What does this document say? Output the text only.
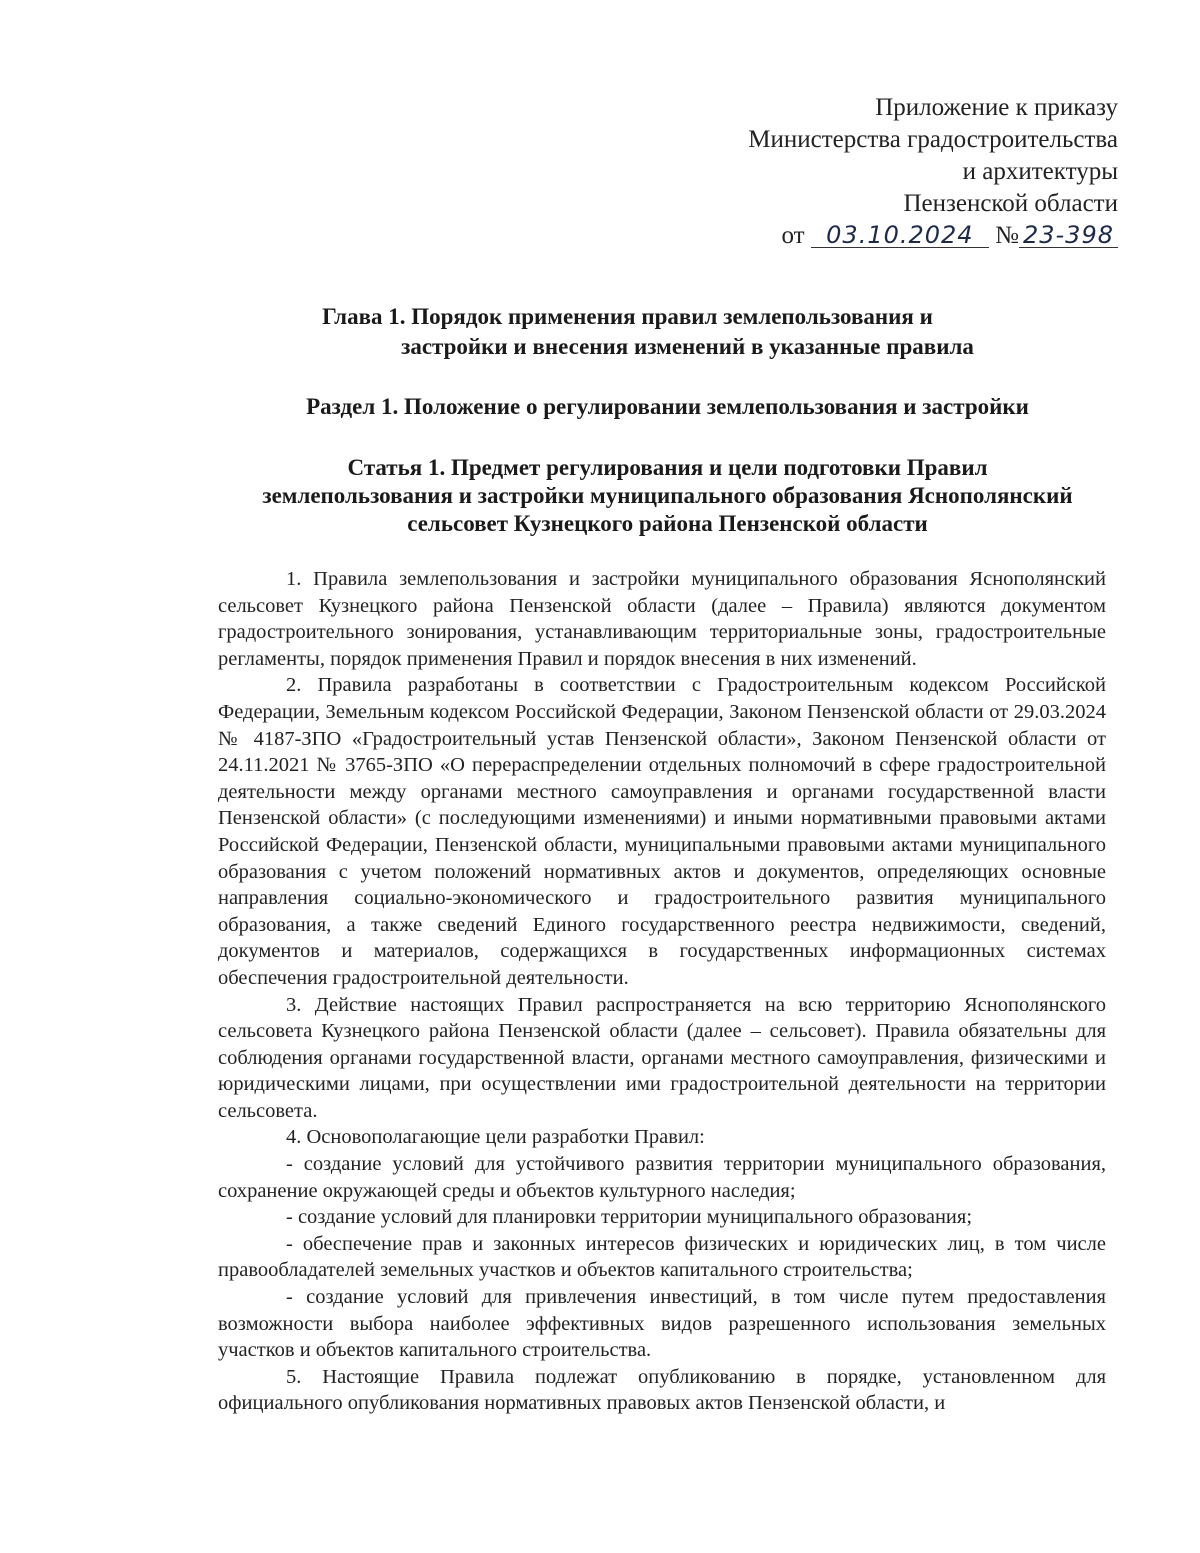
Приложение к приказу
Министерства градостроительства
и архитектуры
Пензенской области
от 03.10.2024 № 23-398
Глава 1. Порядок применения правил землепользования и
застройки и внесения изменений в указанные правила
Раздел 1. Положение о регулировании землепользования и застройки
Статья 1. Предмет регулирования и цели подготовки Правил
землепользования и застройки муниципального образования Яснополянский
сельсовет Кузнецкого района Пензенской области

1. Правила землепользования и застройки муниципального образования Яснополянский сельсовет Кузнецкого района Пензенской области (далее – Правила) являются документом градостроительного зонирования, устанавливающим территориальные зоны, градостроительные регламенты, порядок применения Правил и порядок внесения в них изменений.

2. Правила разработаны в соответствии с Градостроительным кодексом Российской Федерации, Земельным кодексом Российской Федерации, Законом Пензенской области от 29.03.2024 № 4187-ЗПО «Градостроительный устав Пензенской области», Законом Пензенской области от 24.11.2021 № 3765-ЗПО «О перераспределении отдельных полномочий в сфере градостроительной деятельности между органами местного самоуправления и органами государственной власти Пензенской области» (с последующими изменениями) и иными нормативными правовыми актами Российской Федерации, Пензенской области, муниципальными правовыми актами муниципального образования с учетом положений нормативных актов и документов, определяющих основные направления социально-экономического и градостроительного развития муниципального образования, а также сведений Единого государственного реестра недвижимости, сведений, документов и материалов, содержащихся в государственных информационных системах обеспечения градостроительной деятельности.

3. Действие настоящих Правил распространяется на всю территорию Яснополянского сельсовета Кузнецкого района Пензенской области (далее – сельсовет). Правила обязательны для соблюдения органами государственной власти, органами местного самоуправления, физическими и юридическими лицами, при осуществлении ими градостроительной деятельности на территории сельсовета.

4. Основополагающие цели разработки Правил:

- создание условий для устойчивого развития территории муниципального образования, сохранение окружающей среды и объектов культурного наследия;

- создание условий для планировки территории муниципального образования;

- обеспечение прав и законных интересов физических и юридических лиц, в том числе правообладателей земельных участков и объектов капитального строительства;

- создание условий для привлечения инвестиций, в том числе путем предоставления возможности выбора наиболее эффективных видов разрешенного использования земельных участков и объектов капитального строительства.

5. Настоящие Правила подлежат опубликованию в порядке, установленном для официального опубликования нормативных правовых актов Пензенской области, и
